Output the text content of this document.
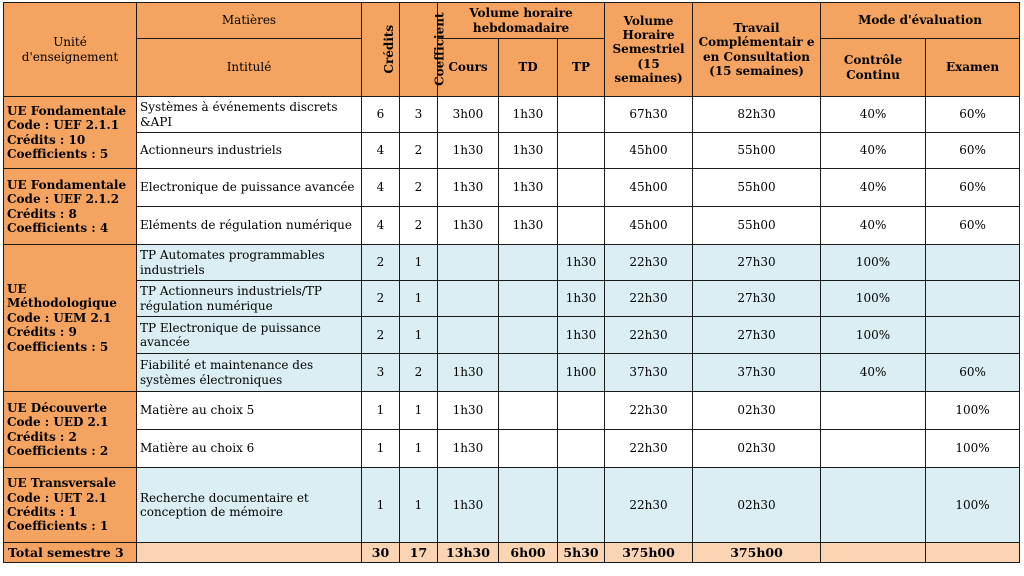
Unité d'enseignement	Matières	Crédits	Coefficient	Volume horaire hebdomadaire			Volume Horaire Semestriel (15 semaines)	Travail Complémentair e en Consultation (15 semaines)	Mode d'évaluation	
	Intitulé			Cours	TD	TP			Contrôle Continu	Examen

UE Fondamentale
Code : UEF 2.1.1
Crédits : 10
Coefficients : 5	Systèmes à événements discrets &API	6	3	3h00	1h30		67h30	82h30	40%	60%
	Actionneurs industriels	4	2	1h30	1h30		45h00	55h00	40%	60%

UE Fondamentale
Code : UEF 2.1.2
Crédits : 8
Coefficients : 4	Electronique de puissance avancée	4	2	1h30	1h30		45h00	55h00	40%	60%
	Eléments de régulation numérique	4	2	1h30	1h30		45h00	55h00	40%	60%

UE Méthodologique
Code : UEM 2.1
Crédits : 9
Coefficients : 5	TP Automates programmables industriels	2	1			1h30	22h30	27h30	100%	
	TP Actionneurs industriels/TP régulation numérique	2	1			1h30	22h30	27h30	100%	
	TP Electronique de puissance avancée	2	1			1h30	22h30	27h30	100%	
	Fiabilité et maintenance des systèmes électroniques	3	2	1h30		1h00	37h30	37h30	40%	60%

UE Découverte
Code : UED 2.1
Crédits : 2
Coefficients : 2	Matière au choix 5	1	1	1h30			22h30	02h30		100%
	Matière au choix 6	1	1	1h30			22h30	02h30		100%

UE Transversale
Code : UET 2.1
Crédits : 1
Coefficients : 1	Recherche documentaire et conception de mémoire	1	1	1h30			22h30	02h30		100%
Total semestre 3		30	17	13h30	6h00	5h30	375h00	375h00		
